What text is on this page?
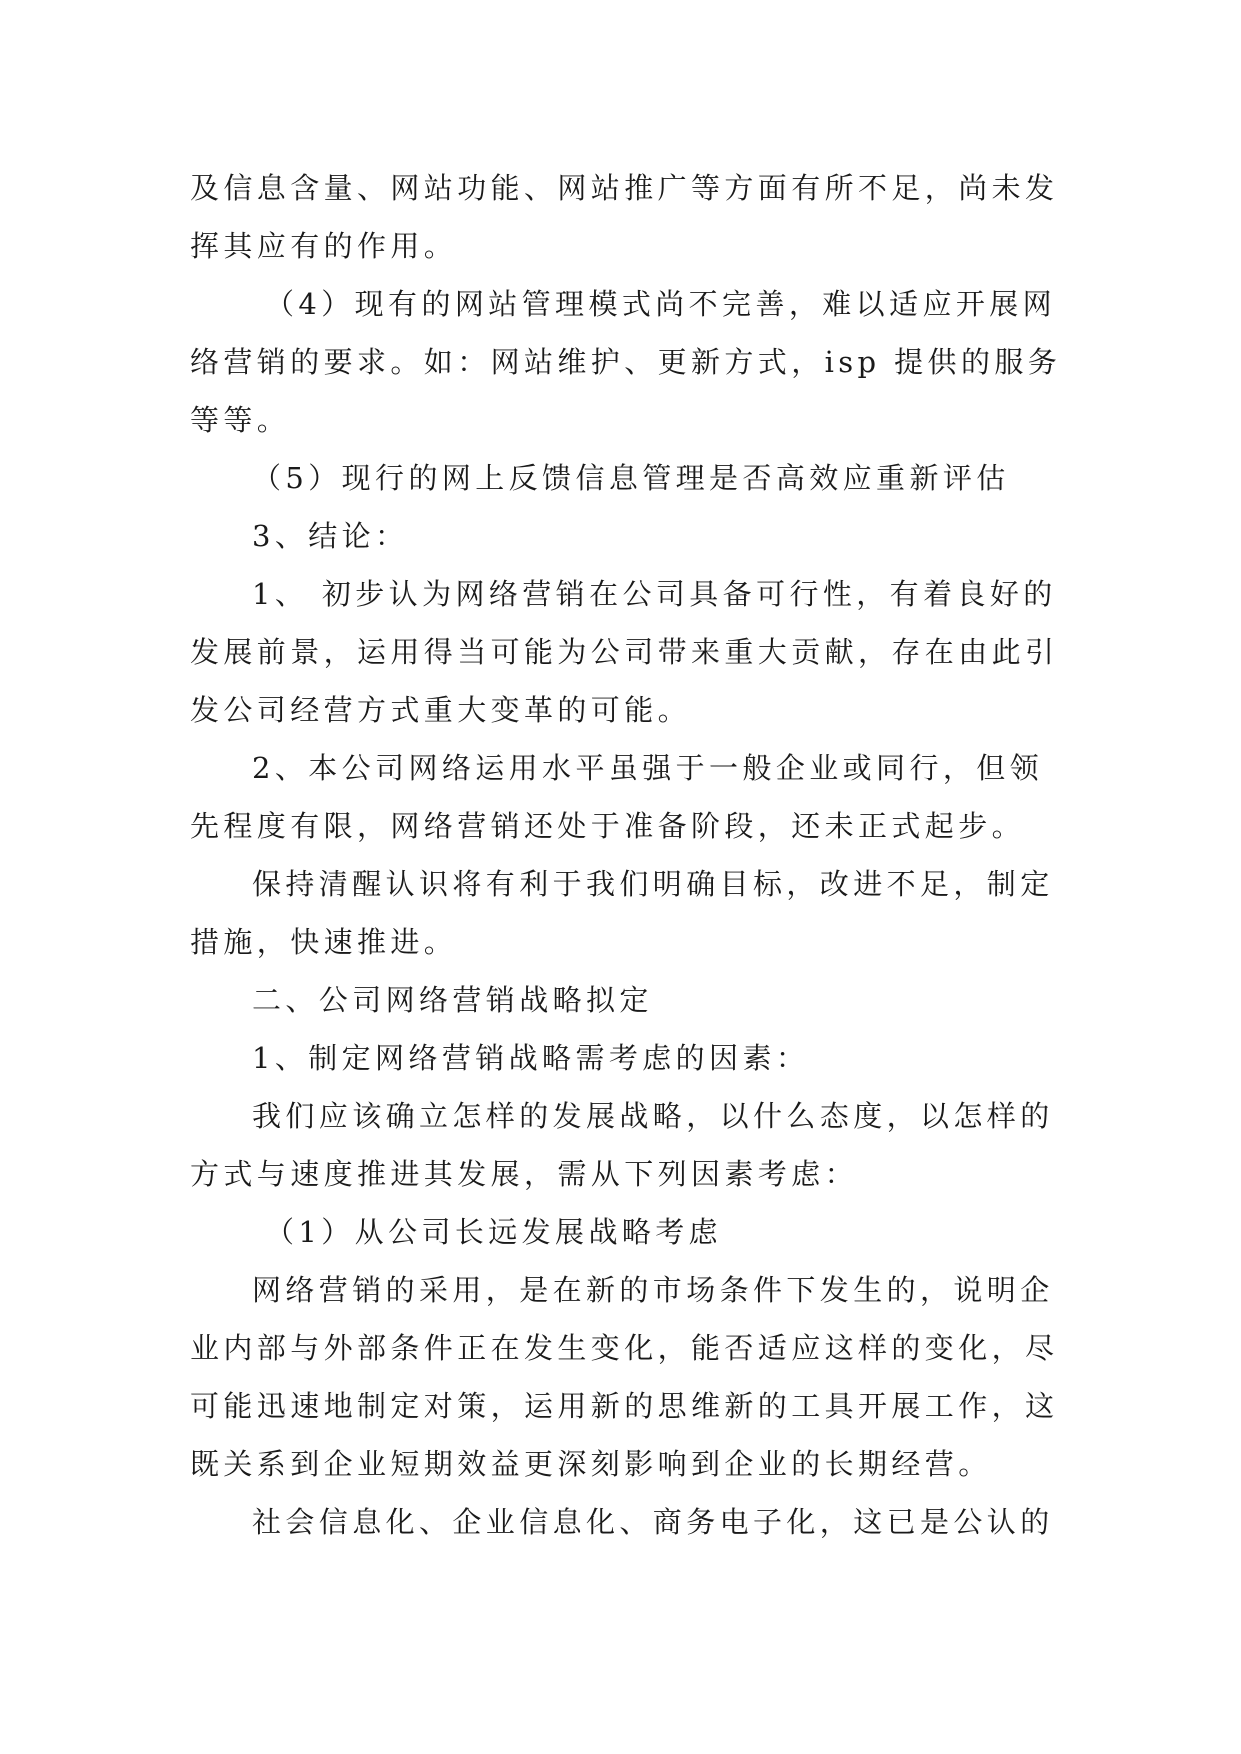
及信息含量、网站功能、网站推广等方面有所不足，尚未发
挥其应有的作用。
（4）现有的网站管理模式尚不完善，难以适应开展网
络营销的要求。如：网站维护、更新方式，isp 提供的服务
等等。
（5）现行的网上反馈信息管理是否高效应重新评估
3、结论：
1、 初步认为网络营销在公司具备可行性，有着良好的
发展前景，运用得当可能为公司带来重大贡献，存在由此引
发公司经营方式重大变革的可能。
2、本公司网络运用水平虽强于一般企业或同行，但领
先程度有限，网络营销还处于准备阶段，还未正式起步。
保持清醒认识将有利于我们明确目标，改进不足，制定
措施，快速推进。
二、公司网络营销战略拟定
1、制定网络营销战略需考虑的因素：
我们应该确立怎样的发展战略，以什么态度，以怎样的
方式与速度推进其发展，需从下列因素考虑：
（1）从公司长远发展战略考虑
网络营销的采用，是在新的市场条件下发生的，说明企
业内部与外部条件正在发生变化，能否适应这样的变化，尽
可能迅速地制定对策，运用新的思维新的工具开展工作，这
既关系到企业短期效益更深刻影响到企业的长期经营。
社会信息化、企业信息化、商务电子化，这已是公认的
